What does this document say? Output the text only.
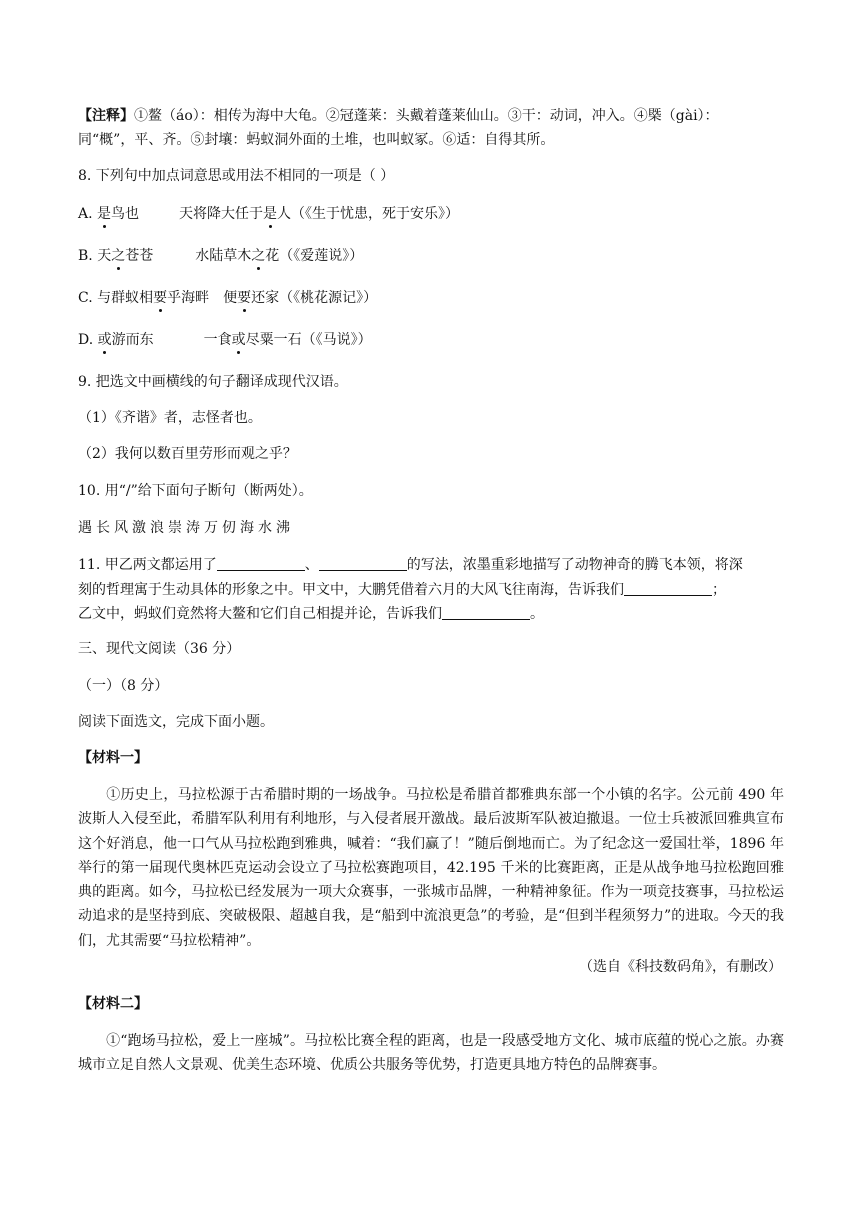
【注释】①鳌（áo）：相传为海中大龟。②冠蓬莱：头戴着蓬莱仙山。③干：动词，冲入。④槩（gài）：
同“概”，平、齐。⑤封壤：蚂蚁洞外面的土堆，也叫蚁冢。⑥适：自得其所。
8. 下列句中加点词意思或用法不相同的一项是（ ）
A. 是鸟也	天将降大任于是人（《生于忧患，死于安乐》）
B. 天之苍苍	水陆草木之花（《爱莲说》）
C. 与群蚁相要乎海畔 便要还家（《桃花源记》）
D. 或游而东	一食或尽粟一石（《马说》）
9. 把选文中画横线的句子翻译成现代汉语。
（1）《齐谐》者，志怪者也。
（2）我何以数百里劳形而观之乎？
10. 用“/”给下面句子断句（断两处）。
遇长风激浪崇涛万仞海水沸
11. 甲乙两文都运用了	、	的写法，浓墨重彩地描写了动物神奇的腾飞本领，将深
刻的哲理寓于生动具体的形象之中。甲文中，大鹏凭借着六月的大风飞往南海，告诉我们	；
乙文中，蚂蚁们竟然将大鳌和它们自己相提并论，告诉我们	。
三、现代文阅读（36 分）
（一）（8 分）
阅读下面选文，完成下面小题。
【材料一】
①历史上，马拉松源于古希腊时期的一场战争。马拉松是希腊首都雅典东部一个小镇的名字。公元前 490 年波斯人入侵至此，希腊军队利用有利地形，与入侵者展开激战。最后波斯军队被迫撤退。一位士兵被派回雅典宣布这个好消息，他一口气从马拉松跑到雅典，喊着：“我们赢了！”随后倒地而亡。为了纪念这一爱国壮举，1896 年举行的第一届现代奥林匹克运动会设立了马拉松赛跑项目，42.195 千米的比赛距离，正是从战争地马拉松跑回雅典的距离。如今，马拉松已经发展为一项大众赛事，一张城市品牌，一种精神象征。作为一项竞技赛事，马拉松运动追求的是坚持到底、突破极限、超越自我，是“船到中流浪更急”的考验，是“但到半程须努力”的进取。今天的我们，尤其需要“马拉松精神”。
（选自《科技数码角》，有删改）
【材料二】
①“跑场马拉松，爱上一座城”。马拉松比赛全程的距离，也是一段感受地方文化、城市底蕴的悦心之旅。办赛城市立足自然人文景观、优美生态环境、优质公共服务等优势，打造更具地方特色的品牌赛事。
